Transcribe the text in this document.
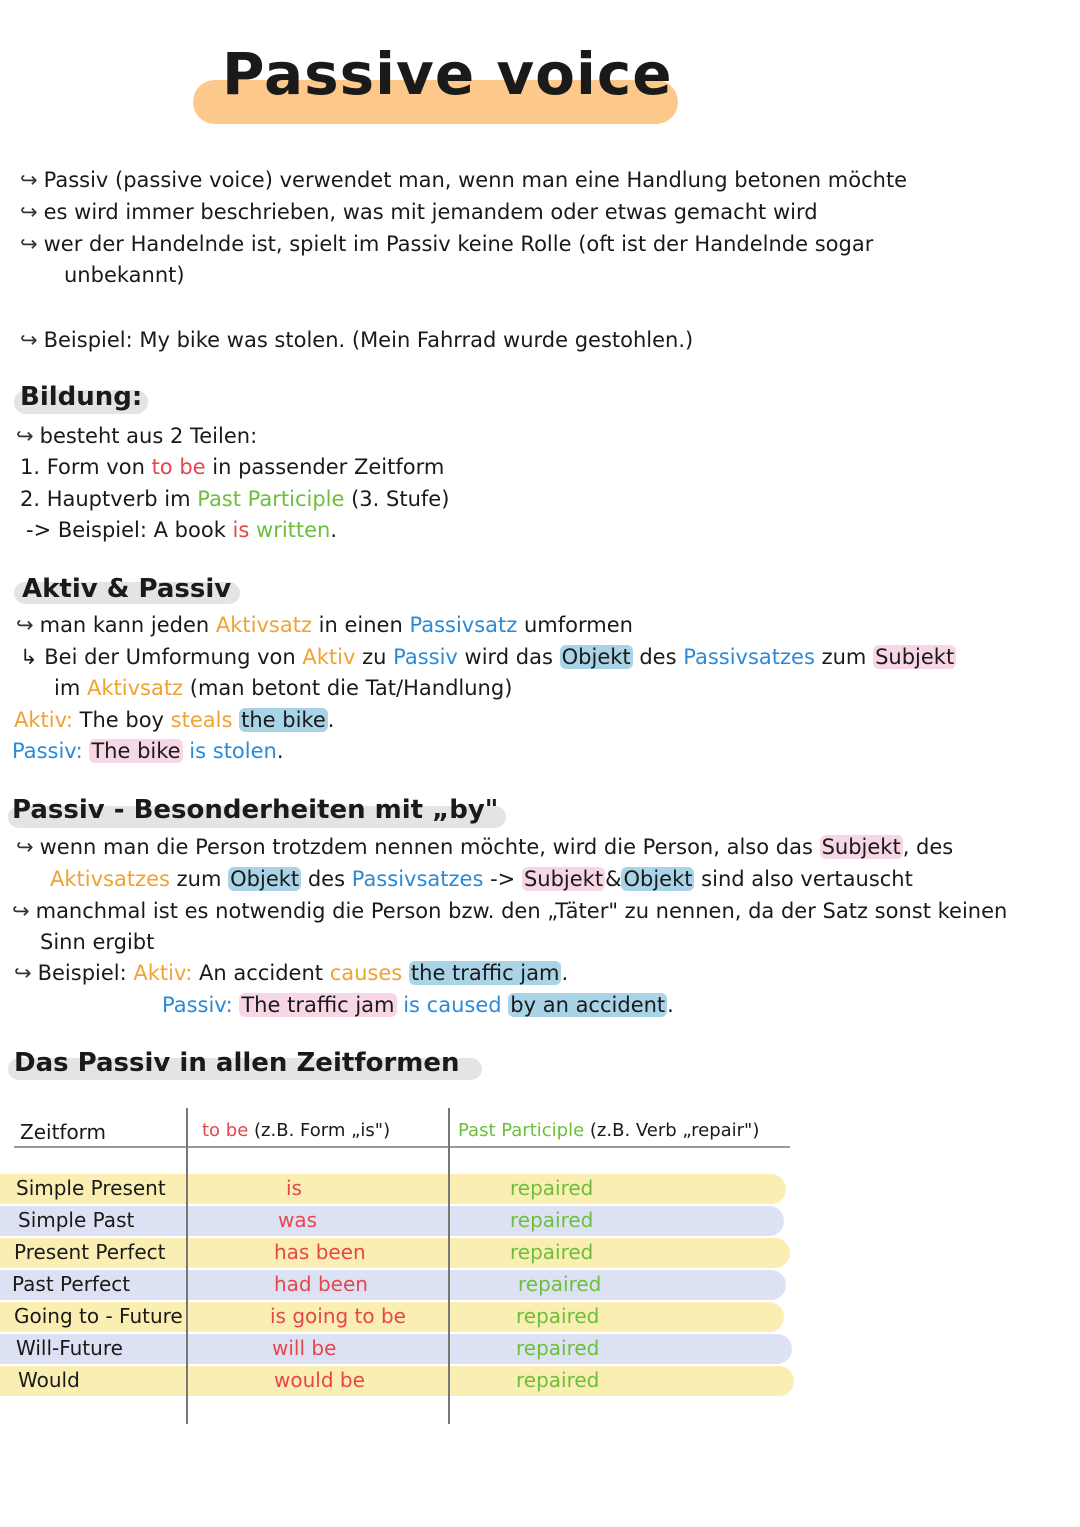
Passive voice
↪ Passiv (passive voice) verwendet man, wenn man eine Handlung betonen möchte
↪ es wird immer beschrieben, was mit jemandem oder etwas gemacht wird
↪ wer der Handelnde ist, spielt im Passiv keine Rolle (oft ist der Handelnde sogar
unbekannt)
↪ Beispiel: My bike was stolen. (Mein Fahrrad wurde gestohlen.)
Bildung:
↪ besteht aus 2 Teilen:
1. Form von to be in passender Zeitform
2. Hauptverb im Past Participle (3. Stufe)
-> Beispiel: A book is written.
Aktiv & Passiv
↪ man kann jeden Aktivsatz in einen Passivsatz umformen
↳ Bei der Umformung von Aktiv zu Passiv wird das Objekt des Passivsatzes zum Subjekt
im Aktivsatz (man betont die Tat/Handlung)
Aktiv: The boy steals the bike.
Passiv: The bike is stolen.
Passiv - Besonderheiten mit „by"
↪ wenn man die Person trotzdem nennen möchte, wird die Person, also das Subjekt, des
Aktivsatzes zum Objekt des Passivsatzes -> Subjekt&Objekt sind also vertauscht
↪ manchmal ist es notwendig die Person bzw. den „Täter" zu nennen, da der Satz sonst keinen
Sinn ergibt
↪ Beispiel: Aktiv: An accident causes the traffic jam.
Passiv: The traffic jam is caused by an accident.
Das Passiv in allen Zeitformen
Zeitform	to be (z.B. Form „is")	Past Participle (z.B. Verb „repair")
Simple Present	is	repaired
Simple Past	was	repaired
Present Perfect	has been	repaired
Past Perfect	had been	repaired
Going to - Future	is going to be	repaired
Will-Future	will be	repaired
Would	would be	repaired
